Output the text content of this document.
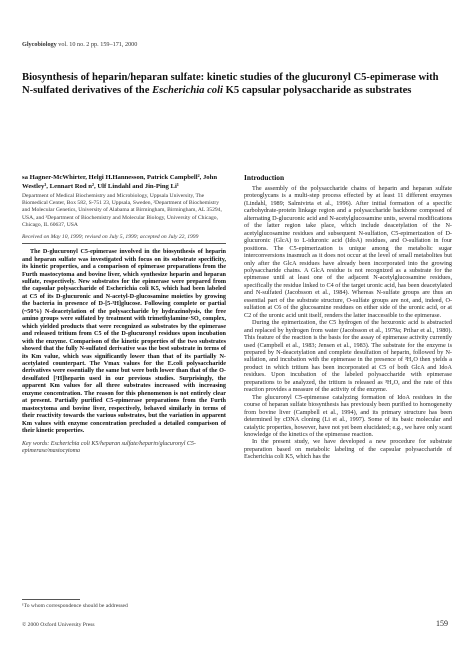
Glycobiology vol. 10 no. 2 pp. 159–171, 2000
Biosynthesis of heparin/heparan sulfate: kinetic studies of the glucuronyl C5-epimerase with N-sulfated derivatives of the Escherichia coli K5 capsular polysaccharide as substrates
sa Hagner-McWhirter, Helgi H.Hannesson, Patrick Campbell², John Westley³, Lennart Rod n², Ulf Lindahl and Jin-Ping Li¹
Department of Medical Biochemistry and Microbiology, Uppsala University, The Biomedical Center, Box 582, S-751 23, Uppsala, Sweden, ²Department of Biochemistry and Molecular Genetics, University of Alabama at Birmingham, Birmingham, AL 35294, USA, and ³Department of Biochemistry and Molecular Biology, University of Chicago, Chicago, IL 60637, USA
Received on May 10, 1999; revised on July 5, 1999; accepted on July 22, 1999

The D-glucuronyl C5-epimerase involved in the biosynthesis of heparin and heparan sulfate was investigated with focus on its substrate specificity, its kinetic properties, and a comparison of epimerase preparations from the Furth mastocytoma and bovine liver, which synthesize heparin and heparan sulfate, respectively. New substrates for the epimerase were prepared from the capsular polysaccharide of Escherichia coli K5, which had been labeled at C5 of its D-glucuronic and N-acetyl-D-glucosamine moieties by growing the bacteria in presence of D-[5-³H]glucose. Following complete or partial (~50%) N-deacetylation of the polysaccharide by hydrazinolysis, the free amino groups were sulfated by treatment with trimethylamine·SO₃ complex, which yielded products that were recognized as substrates by the epimerase and released tritium from C5 of the D-glucuronyl residues upon incubation with the enzyme. Comparison of the kinetic properties of the two substrates showed that the fully N-sulfated derivative was the best substrate in terms of its Km value, which was significantly lower than that of its partially N-acetylated counterpart. The Vmax values for the E.coli polysaccharide derivatives were essentially the same but were both lower than that of the O-desulfated [³H]heparin used in our previous studies. Surprisingly, the apparent Km values for all three substrates increased with increasing enzyme concentration. The reason for this phenomenon is not entirely clear at present. Partially purified C5-epimerase preparations from the Furth mastocytoma and bovine liver, respectively, behaved similarly in terms of their reactivity towards the various substrates, but the variation in apparent Km values with enzyme concentration precluded a detailed comparison of their kinetic properties.

Key words: Escherichia coli K5/heparan sulfate/heparin/glucuronyl C5-epimerase/mastocytoma
Introduction

The assembly of the polysaccharide chains of heparin and heparan sulfate proteoglycans is a multi-step process effected by at least 11 different enzymes (Lindahl, 1989; Salmivirta et al., 1996). After initial formation of a specific carbohydrate-protein linkage region and a polysaccharide backbone composed of alternating D-glucuronic acid and N-acetylglucosamine units, several modifications of the latter region take place, which include deacetylation of the N-acetylglucosamine residues and subsequent N-sulfation, C5-epimerization of D-glucuronic (GlcA) to L-iduronic acid (IdoA) residues, and O-sulfation in four positions. The C5-epimerization is unique among the metabolic sugar interconversions inasmuch as it does not occur at the level of small metabolites but only after the GlcA residues have already been incorporated into the growing polysaccharide chains. A GlcA residue is not recognized as a substrate for the epimerase until at least one of the adjacent N-acetylglucosamine residues, specifically the residue linked to C4 of the target uronic acid, has been deacetylated and N-sulfated (Jacobsson et al., 1984). Whereas N-sulfate groups are thus an essential part of the substrate structure, O-sulfate groups are not, and, indeed, O-sulfation at C6 of the glucosamine residues on either side of the uronic acid, or at C2 of the uronic acid unit itself, renders the latter inaccessible to the epimerase.

During the epimerization, the C5 hydrogen of the hexuronic acid is abstracted and replaced by hydrogen from water (Jacobsson et al., 1979a; Prihar et al., 1980). This feature of the reaction is the basis for the assay of epimerase activity currently used (Campbell et al., 1983; Jensen et al., 1983). The substrate for the enzyme is prepared by N-deacetylation and complete desulfation of heparin, followed by N-sulfation, and incubation with the epimerase in the presence of ³H₂O then yields a product in which tritium has been incorporated at C5 of both GlcA and IdoA residues. Upon incubation of the labeled polysaccharide with epimerase preparations to be analyzed, the tritium is released as ³H₂O, and the rate of this reaction provides a measure of the activity of the enzyme.

The glucuronyl C5-epimerase catalyzing formation of IdoA residues in the course of heparan sulfate biosynthesis has previously been purified to homogeneity from bovine liver (Campbell et al., 1994), and its primary structure has been determined by cDNA cloning (Li et al., 1997). Some of its basic molecular and catalytic properties, however, have not yet been elucidated; e.g., we have only scant knowledge of the kinetics of the epimerase reaction.

In the present study, we have developed a new procedure for substrate preparation based on metabolic labeling of the capsular polysaccharide of Escherichia coli K5, which has the

¹To whom correspondence should be addressed
© 2000 Oxford University Press	159
